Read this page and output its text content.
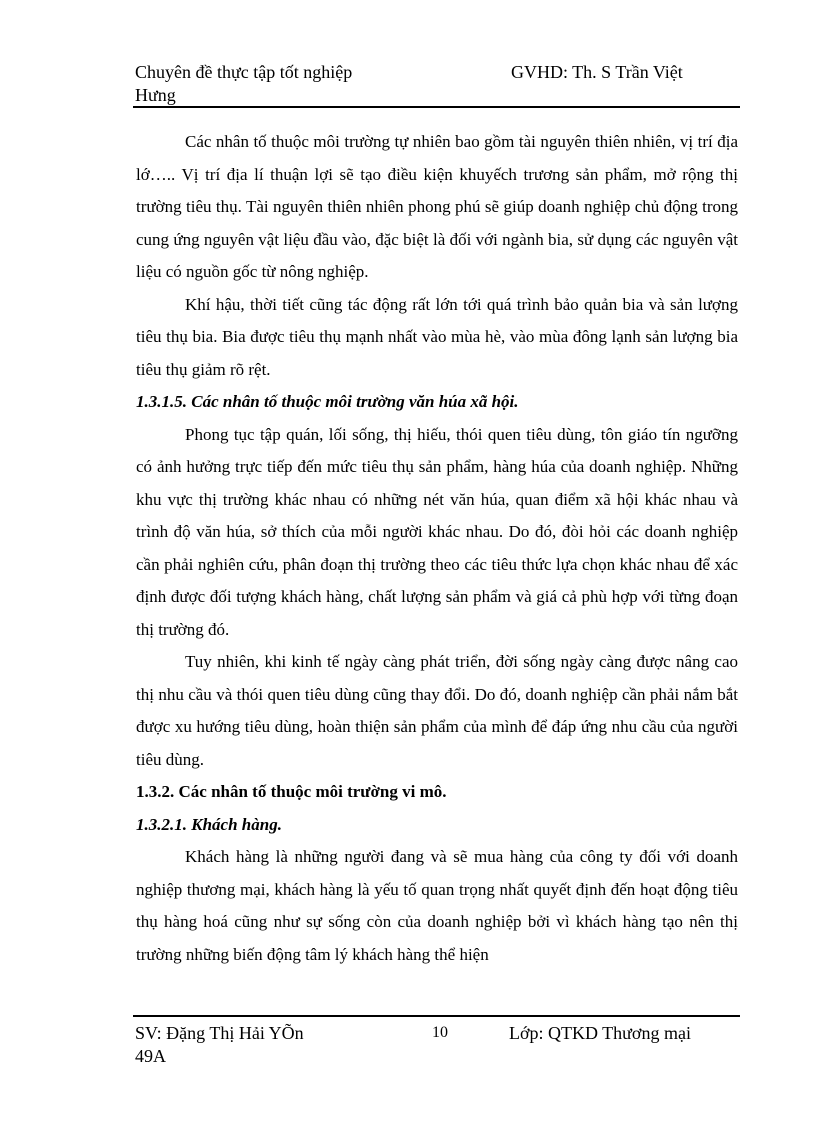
Chuyên đề thực tập tốt nghiệp
Hưng
GVHD: Th. S Trần Việt

Các nhân tố thuộc môi trường tự nhiên bao gồm tài nguyên thiên nhiên, vị trí địa lớ….. Vị trí địa lí thuận lợi sẽ tạo điều kiện khuyếch trương sản phẩm, mở rộng thị trường tiêu thụ. Tài nguyên thiên nhiên phong phú sẽ giúp doanh nghiệp chủ động trong cung ứng nguyên vật liệu đầu vào, đặc biệt là đối với ngành bia, sử dụng các nguyên vật liệu có nguồn gốc từ nông nghiệp.

Khí hậu, thời tiết cũng tác động rất lớn tới quá trình bảo quản bia và sản lượng tiêu thụ bia. Bia được tiêu thụ mạnh nhất vào mùa hè, vào mùa đông lạnh sản lượng bia tiêu thụ giảm rõ rệt.

1.3.1.5. Các nhân tố thuộc môi trường văn húa xã hội.

Phong tục tập quán, lối sống, thị hiếu, thói quen tiêu dùng, tôn giáo tín ngưỡng có ảnh hưởng trực tiếp đến mức tiêu thụ sản phẩm, hàng húa của doanh nghiệp. Những khu vực thị trường khác nhau có những nét văn húa, quan điểm xã hội khác nhau và trình độ văn húa, sở thích của mỗi người khác nhau. Do đó, đòi hỏi các doanh nghiệp cần phải nghiên cứu, phân đoạn thị trường theo các tiêu thức lựa chọn khác nhau để xác định được đối tượng khách hàng, chất lượng sản phẩm và giá cả phù hợp với từng đoạn thị trường đó.

Tuy nhiên, khi kinh tế ngày càng phát triển, đời sống ngày càng được nâng cao thị nhu cầu và thói quen tiêu dùng cũng thay đổi. Do đó, doanh nghiệp cần phải nắm bắt được xu hướng tiêu dùng, hoàn thiện sản phẩm của mình để đáp ứng nhu cầu của người tiêu dùng.

1.3.2. Các nhân tố thuộc môi trường vi mô.
1.3.2.1. Khách hàng.

Khách hàng là những người đang và sẽ mua hàng của công ty đối với doanh nghiệp thương mại, khách hàng là yếu tố quan trọng nhất quyết định đến hoạt động tiêu thụ hàng hoá cũng như sự sống còn của doanh nghiệp bởi vì khách hàng tạo nên thị trường những biến động tâm lý khách hàng thể hiện

SV: Đặng Thị Hải YÕn
49A
10	Lớp: QTKD Thương mại
